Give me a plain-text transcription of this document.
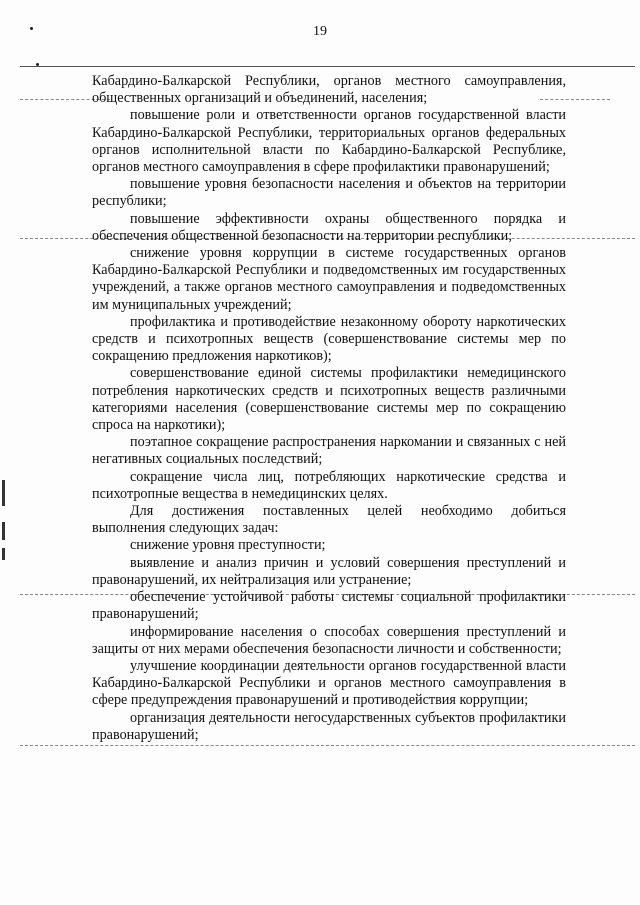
19

Кабардино-Балкарской Республики, органов местного самоуправления, общественных организаций и объединений, населения;

повышение роли и ответственности органов государственной власти Кабардино-Балкарской Республики, территориальных органов федеральных органов исполнительной власти по Кабардино-Балкарской Республике, органов местного самоуправления в сфере профилактики правонарушений;

повышение уровня безопасности населения и объектов на территории республики;

повышение эффективности охраны общественного порядка и обеспечения общественной безопасности на территории республики;

снижение уровня коррупции в системе государственных органов Кабардино-Балкарской Республики и подведомственных им государственных учреждений, а также органов местного самоуправления и подведомственных им муниципальных учреждений;

профилактика и противодействие незаконному обороту наркотических средств и психотропных веществ (совершенствование системы мер по сокращению предложения наркотиков);

совершенствование единой системы профилактики немедицинского потребления наркотических средств и психотропных веществ различными категориями населения (совершенствование системы мер по сокращению спроса на наркотики);

поэтапное сокращение распространения наркомании и связанных с ней негативных социальных последствий;

сокращение числа лиц, потребляющих наркотические средства и психотропные вещества в немедицинских целях.

Для достижения поставленных целей необходимо добиться выполнения следующих задач:

снижение уровня преступности;

выявление и анализ причин и условий совершения преступлений и правонарушений, их нейтрализация или устранение;

обеспечение устойчивой работы системы социальной профилактики правонарушений;

информирование населения о способах совершения преступлений и защиты от них мерами обеспечения безопасности личности и собственности;

улучшение координации деятельности органов государственной власти Кабардино-Балкарской Республики и органов местного самоуправления в сфере предупреждения правонарушений и противодействия коррупции;

организация деятельности негосударственных субъектов профилактики правонарушений;
